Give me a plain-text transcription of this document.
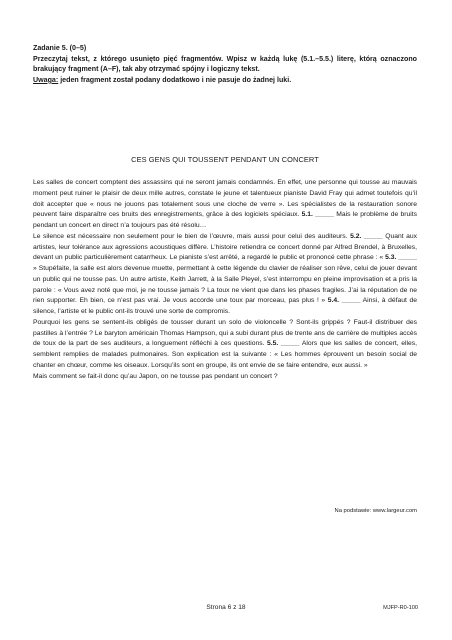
Zadanie 5. (0–5)
Przeczytaj tekst, z którego usunięto pięć fragmentów. Wpisz w każdą lukę (5.1.–5.5.) literę, którą oznaczono brakujący fragment (A–F), tak aby otrzymać spójny i logiczny tekst.
Uwaga: jeden fragment został podany dodatkowo i nie pasuje do żadnej luki.
CES GENS QUI TOUSSENT PENDANT UN CONCERT

Les salles de concert comptent des assassins qui ne seront jamais condamnés. En effet, une personne qui tousse au mauvais moment peut ruiner le plaisir de deux mille autres, constate le jeune et talentueux pianiste David Fray qui admet toutefois qu’il doit accepter que « nous ne jouons pas totalement sous une cloche de verre ». Les spécialistes de la restauration sonore peuvent faire disparaître ces bruits des enregistrements, grâce à des logiciels spéciaux. 5.1. _____ Mais le problème de bruits pendant un concert en direct n’a toujours pas été résolu…

Le silence est nécessaire non seulement pour le bien de l’œuvre, mais aussi pour celui des auditeurs. 5.2. _____ Quant aux artistes, leur tolérance aux agressions acoustiques diffère. L’histoire retiendra ce concert donné par Alfred Brendel, à Bruxelles, devant un public particulièrement catarrheux. Le pianiste s’est arrêté, a regardé le public et prononcé cette phrase : « 5.3. _____ » Stupéfaite, la salle est alors devenue muette, permettant à cette légende du clavier de réaliser son rêve, celui de jouer devant un public qui ne tousse pas. Un autre artiste, Keith Jarrett, à la Salle Pleyel, s’est interrompu en pleine improvisation et a pris la parole : « Vous avez noté que moi, je ne tousse jamais ? La toux ne vient que dans les phases fragiles. J’ai la réputation de ne rien supporter. Eh bien, ce n’est pas vrai. Je vous accorde une toux par morceau, pas plus ! » 5.4. _____ Ainsi, à défaut de silence, l’artiste et le public ont-ils trouvé une sorte de compromis.

Pourquoi les gens se sentent-ils obligés de tousser durant un solo de violoncelle ? Sont-ils grippés ? Faut-il distribuer des pastilles à l’entrée ? Le baryton américain Thomas Hampson, qui a subi durant plus de trente ans de carrière de multiples accès de toux de la part de ses auditeurs, a longuement réfléchi à ces questions. 5.5. _____ Alors que les salles de concert, elles, semblent remplies de malades pulmonaires. Son explication est la suivante : « Les hommes éprouvent un besoin social de chanter en chœur, comme les oiseaux. Lorsqu’ils sont en groupe, ils ont envie de se faire entendre, eux aussi. »

Mais comment se fait-il donc qu’au Japon, on ne tousse pas pendant un concert ?

Na podstawie: www.largeur.com
Strona 6 z 18	MJFP-R0-100
